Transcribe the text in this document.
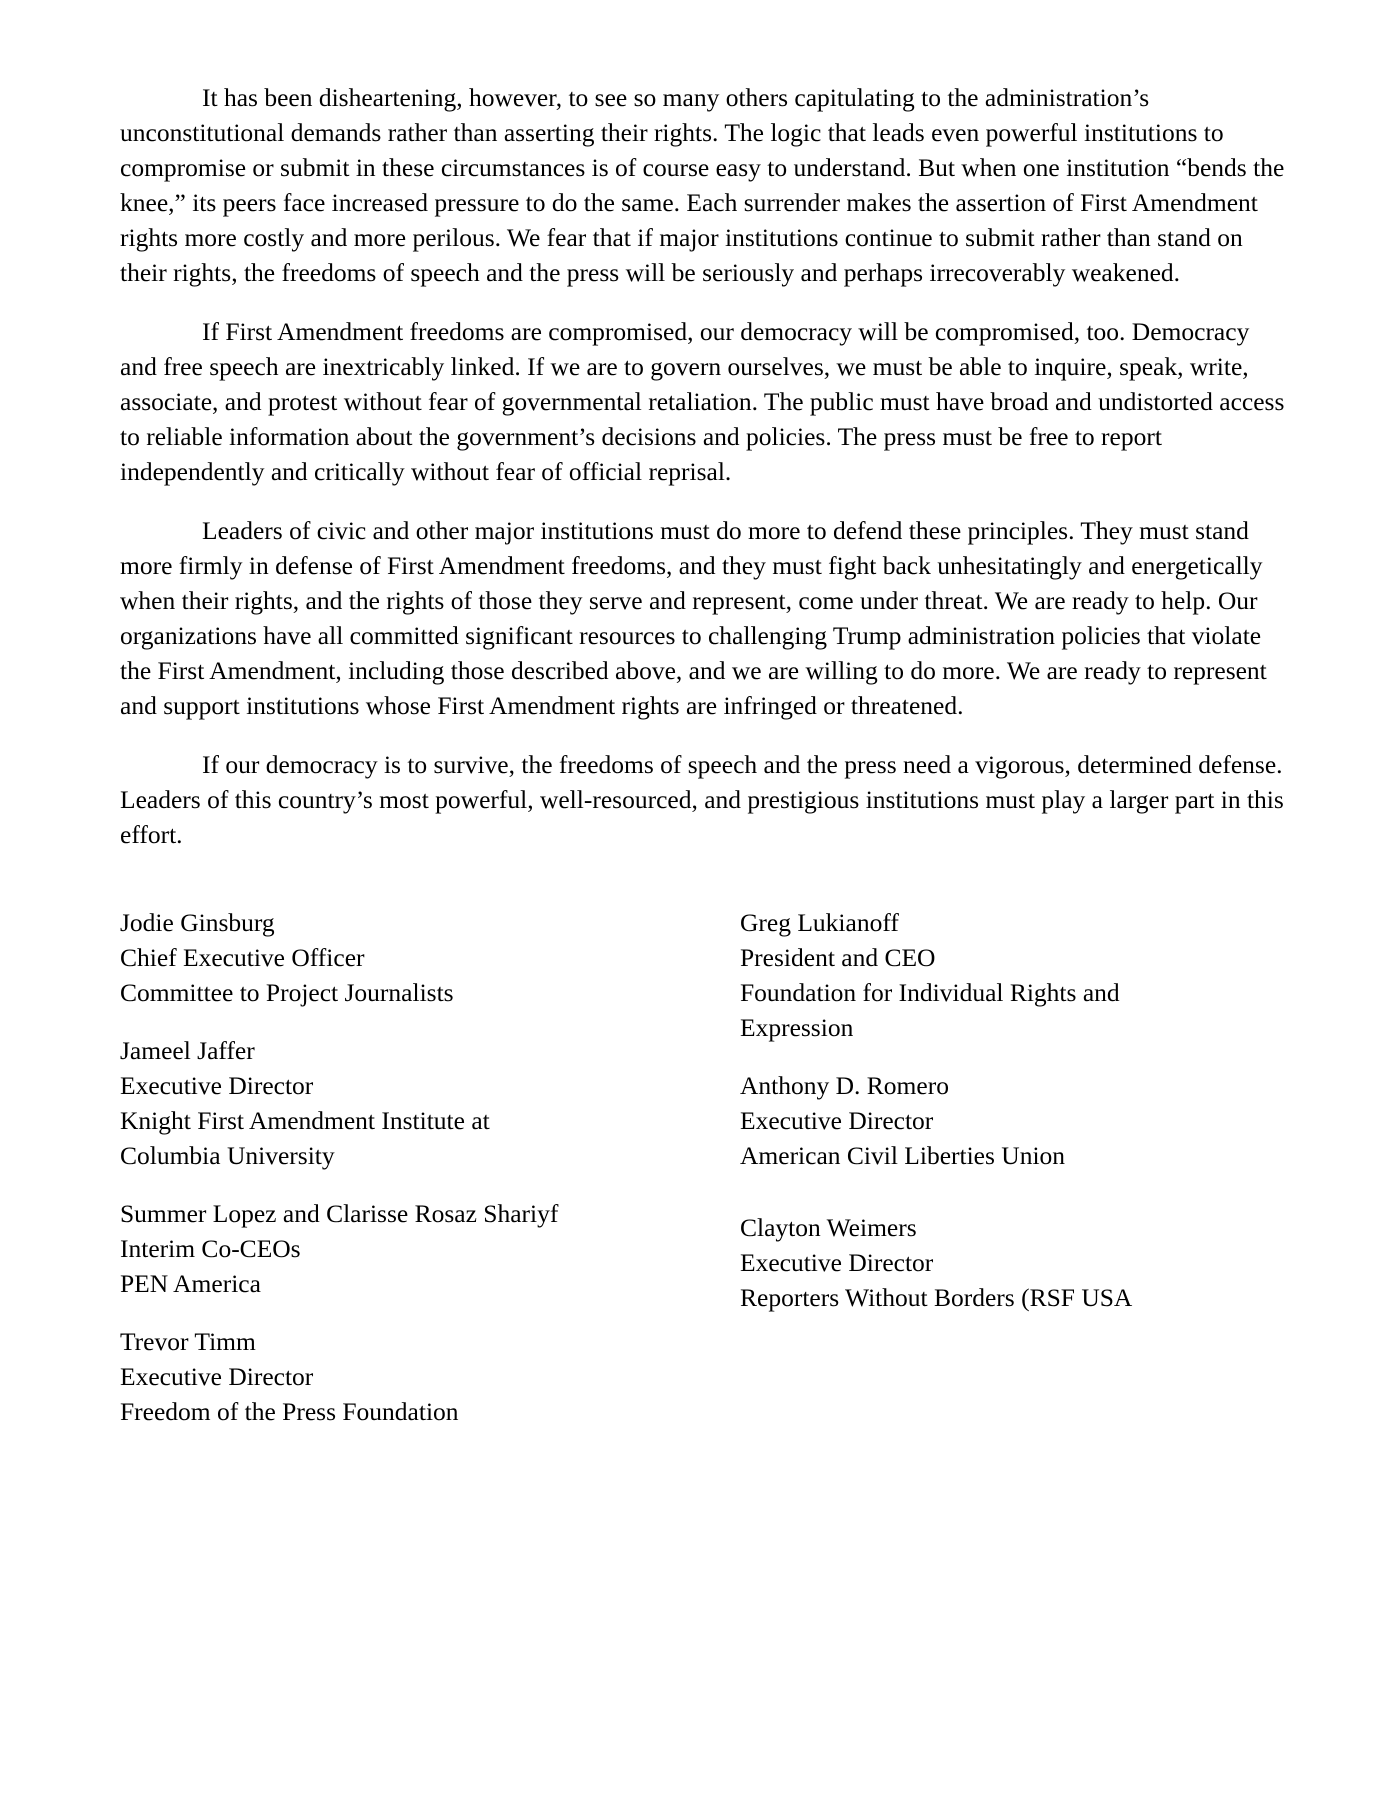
It has been disheartening, however, to see so many others capitulating to the administration’s unconstitutional demands rather than asserting their rights. The logic that leads even powerful institutions to compromise or submit in these circumstances is of course easy to understand. But when one institution “bends the knee,” its peers face increased pressure to do the same. Each surrender makes the assertion of First Amendment rights more costly and more perilous. We fear that if major institutions continue to submit rather than stand on their rights, the freedoms of speech and the press will be seriously and perhaps irrecoverably weakened.

If First Amendment freedoms are compromised, our democracy will be compromised, too. Democracy and free speech are inextricably linked. If we are to govern ourselves, we must be able to inquire, speak, write, associate, and protest without fear of governmental retaliation. The public must have broad and undistorted access to reliable information about the government’s decisions and policies. The press must be free to report independently and critically without fear of official reprisal.

Leaders of civic and other major institutions must do more to defend these principles. They must stand more firmly in defense of First Amendment freedoms, and they must fight back unhesitatingly and energetically when their rights, and the rights of those they serve and represent, come under threat. We are ready to help. Our organizations have all committed significant resources to challenging Trump administration policies that violate the First Amendment, including those described above, and we are willing to do more. We are ready to represent and support institutions whose First Amendment rights are infringed or threatened.

If our democracy is to survive, the freedoms of speech and the press need a vigorous, determined defense. Leaders of this country’s most powerful, well-resourced, and prestigious institutions must play a larger part in this effort.

Jodie Ginsburg
Chief Executive Officer
Committee to Project Journalists
Jameel Jaffer
Executive Director
Knight First Amendment Institute at
Columbia University
Summer Lopez and Clarisse Rosaz Shariyf
Interim Co-CEOs
PEN America
Trevor Timm
Executive Director
Freedom of the Press Foundation
Greg Lukianoff
President and CEO
Foundation for Individual Rights and
Expression
Anthony D. Romero
Executive Director
American Civil Liberties Union
Clayton Weimers
Executive Director
Reporters Without Borders (RSF USA
